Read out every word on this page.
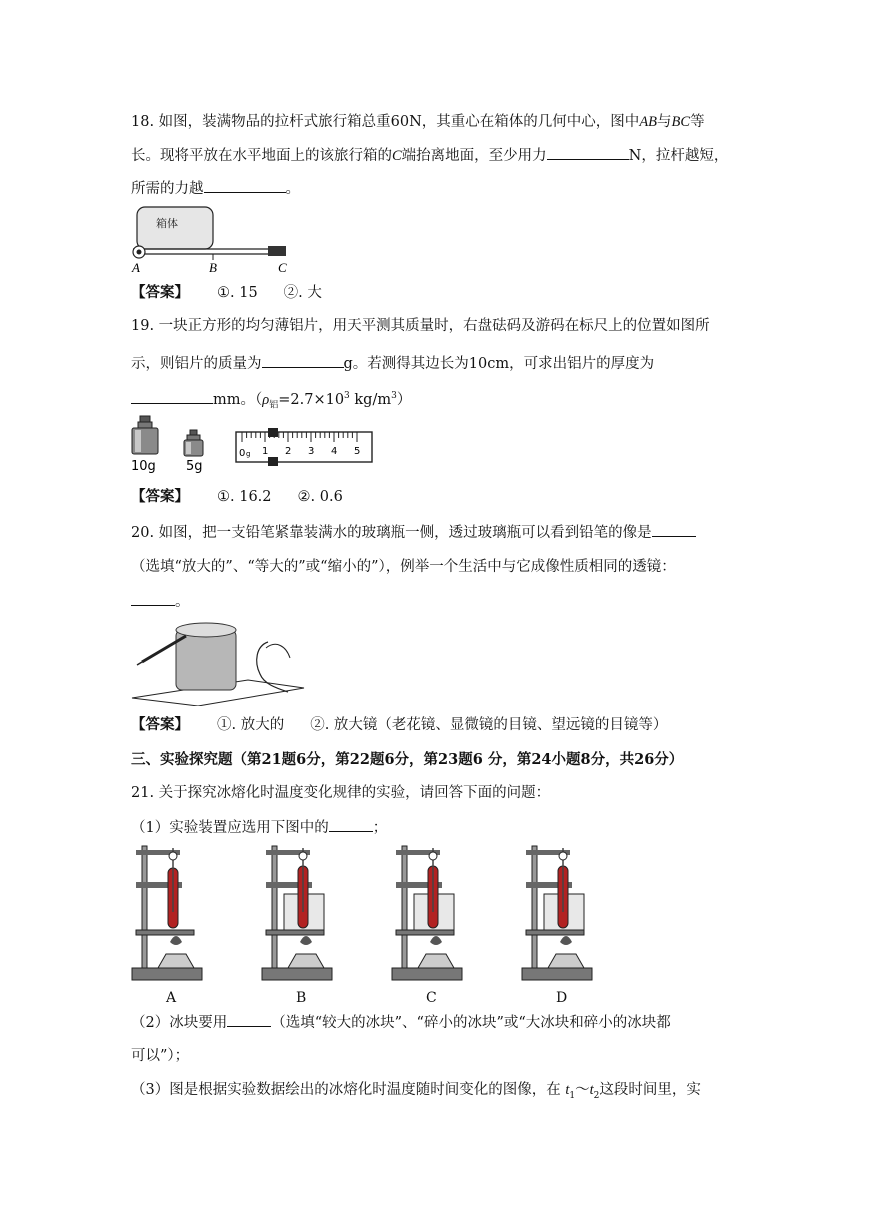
18. 如图，装满物品的拉杆式旅行箱总重60N，其重心在箱体的几何中心，图中AB与BC等
长。现将平放在水平地面上的该旅行箱的C端抬离地面，至少用力	N，拉杆越短，
所需的力越	。
箱体
A	B	C
【答案】 ①. 15 ②. 大
19. 一块正方形的均匀薄铝片，用天平测其质量时，右盘砝码及游码在标尺上的位置如图所
示，则铝片的质量为	g。若测得其边长为10cm，可求出铝片的厚度为
mm。（$\rho_铝=2.7\times 10^3$ $kg/m^3$）
10g 5g
0 g 1 2 3 4 5
【答案】 ①. 16.2 ②. 0.6
20. 如图，把一支铅笔紧靠装满水的玻璃瓶一侧，透过玻璃瓶可以看到铅笔的像是
（选填“放大的”、“等大的”或“缩小的”），例举一个生活中与它成像性质相同的透镜：
。
【答案】 ①. 放大的 ②. 放大镜（老花镜、显微镜的目镜、望远镜的目镜等）
三、实验探究题（第21题6分，第22题6分，第23题6 分，第24小题8分，共26分）
21. 关于探究冰熔化时温度变化规律的实验，请回答下面的问题：
（1）实验装置应选用下图中的	；
A	B	C	D
（2）冰块要用	（选填“较大的冰块”、“碎小的冰块”或“大冰块和碎小的冰块都
可以”）；
（3）图是根据实验数据绘出的冰熔化时温度随时间变化的图像，在 $t_1\sim t_2$这段时间里，实
